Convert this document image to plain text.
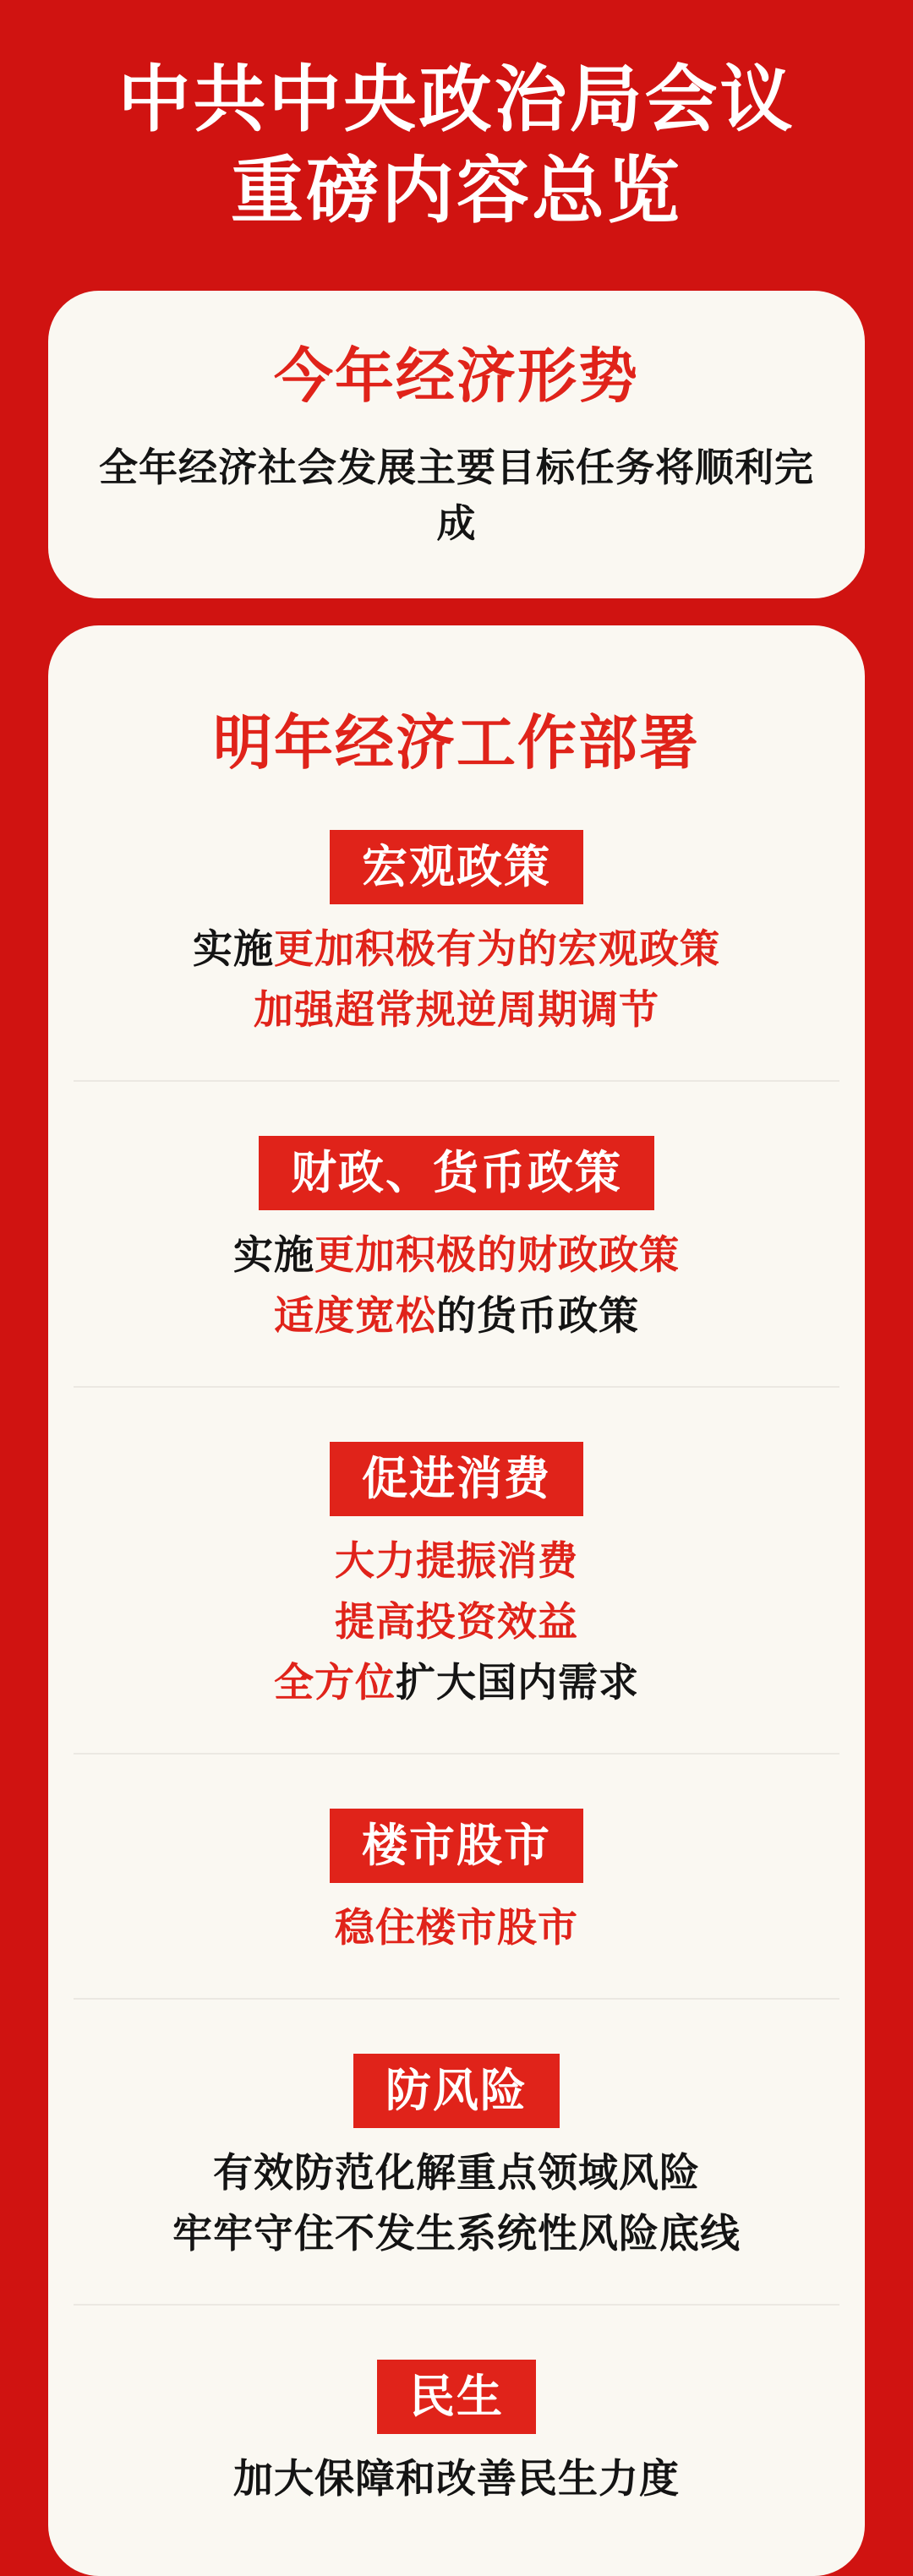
中共中央政治局会议
重磅内容总览
今年经济形势

全年经济社会发展主要目标任务将顺利完成

明年经济工作部署
宏观政策

实施更加积极有为的宏观政策

加强超常规逆周期调节

财政、货币政策

实施更加积极的财政政策

适度宽松的货币政策

促进消费

大力提振消费

提高投资效益

全方位扩大国内需求

楼市股市

稳住楼市股市

防风险

有效防范化解重点领域风险

牢牢守住不发生系统性风险底线

民生

加大保障和改善民生力度
